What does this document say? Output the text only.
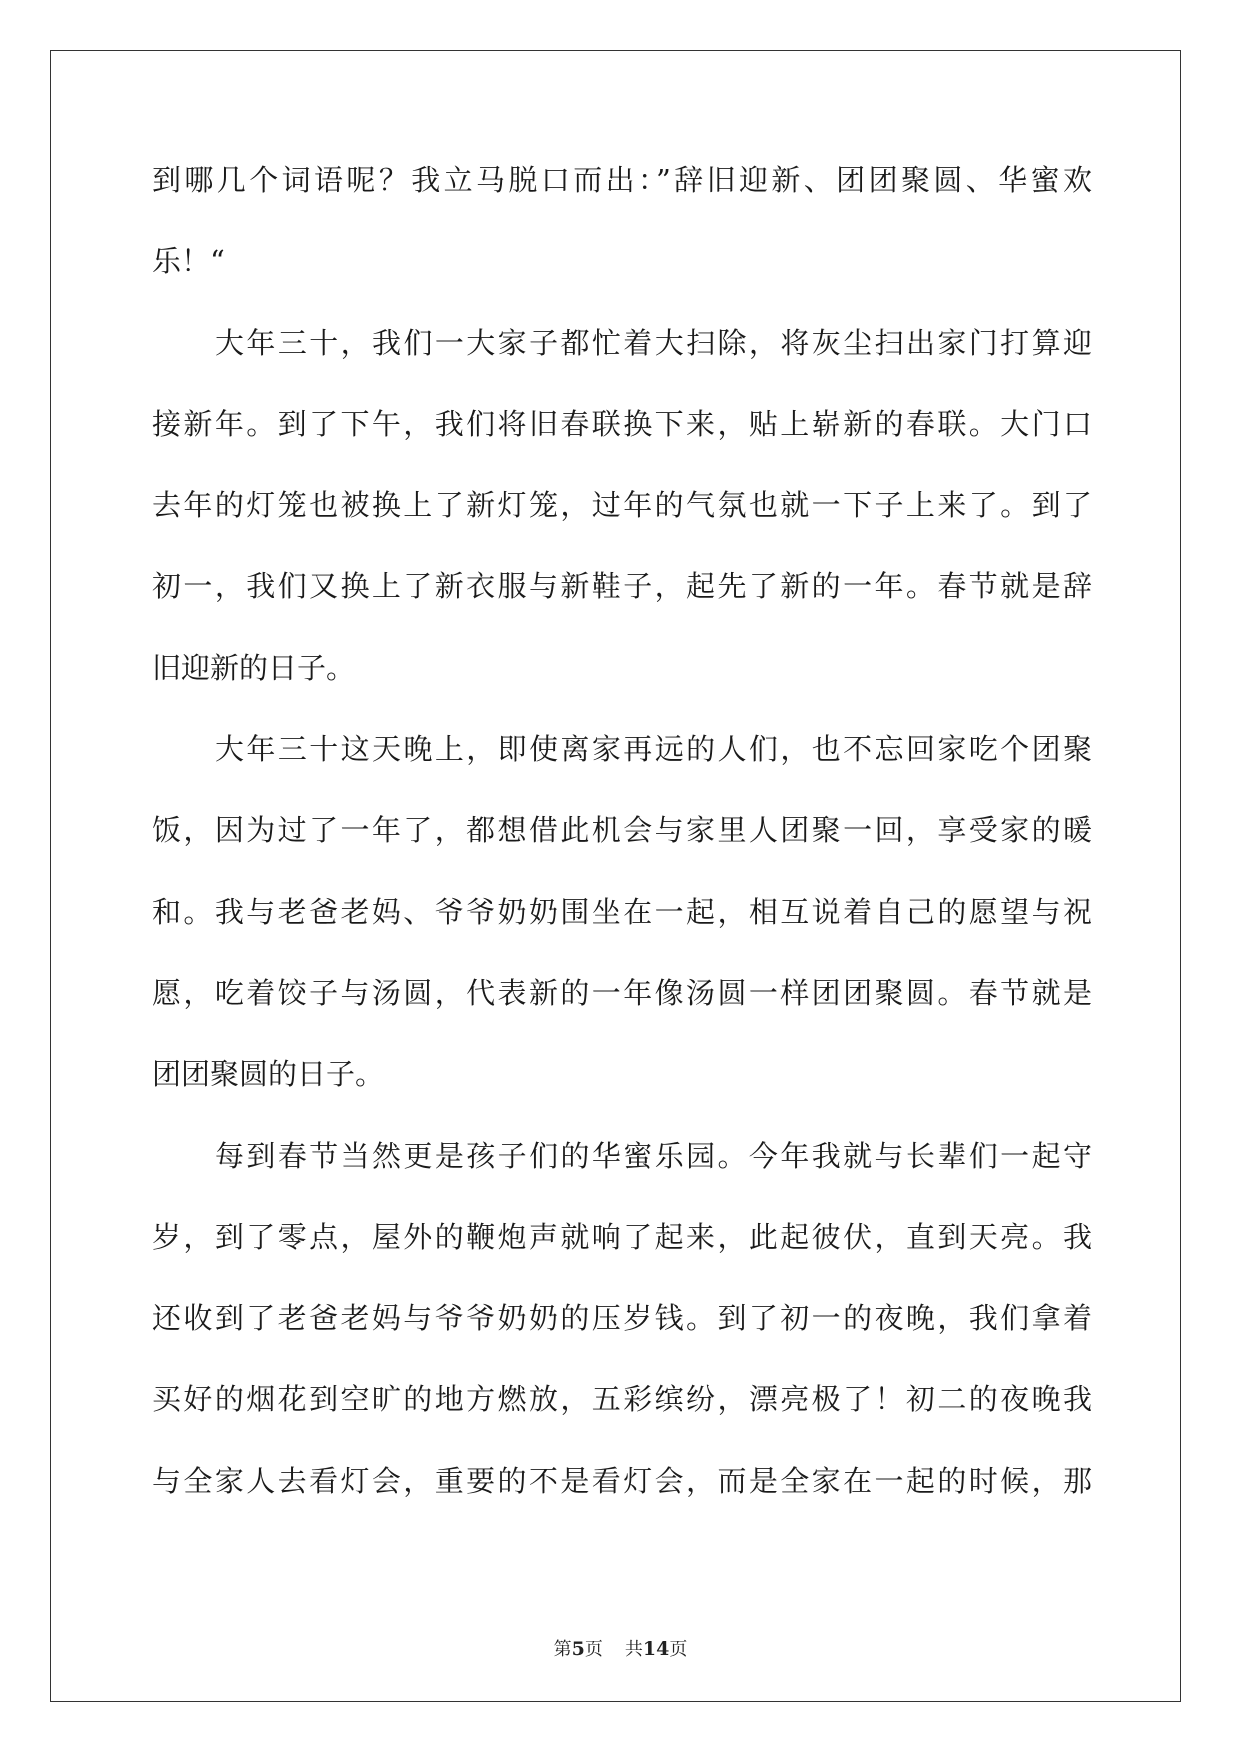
到哪几个词语呢？我立马脱口而出：”辞旧迎新、团团聚圆、华蜜欢
乐！“
大年三十，我们一大家子都忙着大扫除，将灰尘扫出家门打算迎
接新年。到了下午，我们将旧春联换下来，贴上崭新的春联。大门口
去年的灯笼也被换上了新灯笼，过年的气氛也就一下子上来了。到了
初一，我们又换上了新衣服与新鞋子，起先了新的一年。春节就是辞
旧迎新的日子。
大年三十这天晚上，即使离家再远的人们，也不忘回家吃个团聚
饭，因为过了一年了，都想借此机会与家里人团聚一回，享受家的暖
和。我与老爸老妈、爷爷奶奶围坐在一起，相互说着自己的愿望与祝
愿，吃着饺子与汤圆，代表新的一年像汤圆一样团团聚圆。春节就是
团团聚圆的日子。
每到春节当然更是孩子们的华蜜乐园。今年我就与长辈们一起守
岁，到了零点，屋外的鞭炮声就响了起来，此起彼伏，直到天亮。我
还收到了老爸老妈与爷爷奶奶的压岁钱。到了初一的夜晚，我们拿着
买好的烟花到空旷的地方燃放，五彩缤纷，漂亮极了！初二的夜晚我
与全家人去看灯会，重要的不是看灯会，而是全家在一起的时候，那
第5页 共14页
